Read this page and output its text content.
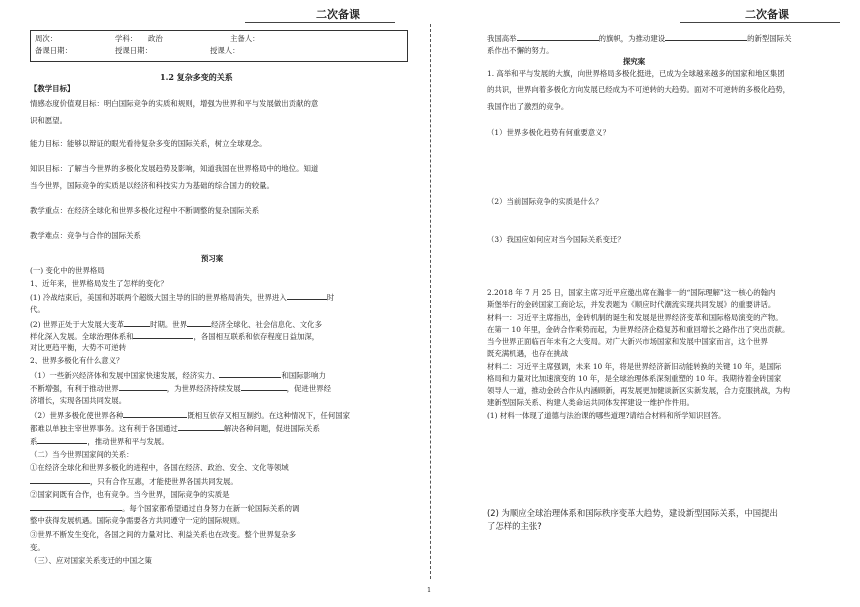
二次备课	二次备课
周次：	学科： 政治	主备人：
备课日期：	授课日期：	授课人：
1.2 复杂多变的关系
【教学目标】
情感态度价值观目标：明白国际竞争的实质和规则，增强为世界和平与发展做出贡献的意
识和愿望。
能力目标：能够以辩证的眼光看待复杂多变的国际关系，树立全球观念。
知识目标：了解当今世界的多极化发展趋势及影响，知道我国在世界格局中的地位。知道
当今世界，国际竞争的实质是以经济和科技实力为基础的综合国力的较量。
教学重点：在经济全球化和世界多极化过程中不断调整的复杂国际关系
教学难点：竞争与合作的国际关系
预习案
(一) 变化中的世界格局
1、近年来，世界格局发生了怎样的变化？
(1) 冷战结束后，美国和苏联两个超级大国主导的旧的世界格局消失，世界进入	时
代。
(2) 世界正处于大发展大变革	时期。世界	经济全球化、社会信息化、文化多
样化深入发展。全球治理体系和	，各国相互联系和依存程度日益加深，
对比更趋平衡，大势不可逆转
2、世界多极化有什么意义？
（1）一些新兴经济体和发展中国家快速发展，经济实力、	和国际影响力
不断增强，有利于推动世界	，为世界经济持续发展	，促进世界经
济增长，实现各国共同发展。
（2）世界多极化使世界各种	既相互依存又相互制约。在这种情况下，任何国家
都难以单独主宰世界事务。这有利于各国通过	解决各种问题，促进国际关系
系	，推动世界和平与发展。
（二）当今世界国家间的关系：
①在经济全球化和世界多极化的进程中，各国在经济、政治、安全、文化等领域
，只有合作互惠，才能使世界各国共同发展。
②国家间既有合作，也有竞争。当今世界，国际竞争的实质是
。每个国家都希望通过自身努力在新一轮国际关系的调
整中获得发展机遇。国际竞争需要各方共同遵守一定的国际规则。
③世界不断发生变化，各国之间的力量对比、利益关系也在改变。整个世界复杂多
变。
（三）、应对国家关系变迁的中国之策
我国高举	的旗帜，为推动建设	的新型国际关
系作出不懈的努力。
探究案
1. 高举和平与发展的大旗，向世界格局多极化挺进，已成为全球越来越多的国家和地区集团
的共识，世界向着多极化方向发展已经成为不可逆转的大趋势。面对不可逆转的多极化趋势，
我国作出了激烈的竞争。
（1）世界多极化趋势有何重要意义？
（2）当前国际竞争的实质是什么？
（3）我国应如何应对当今国际关系变迁？
2.2018 年 7 月 25 日，国家主席习近平应邀出席在瀚非一的“国际理解”这一核心的翰内
斯堡举行的金砖国家工商论坛，并发表题为《顺应时代潮流实现共同发展》的重要讲话。
材料一：习近平主席指出，金砖机制的诞生和发展是世界经济变革和国际格局演变的产物。
在第一 10 年里，金砖合作乘势而起，为世界经济企稳复苏和重回增长之路作出了突出贡献。
当今世界正面临百年未有之大变局。对广大新兴市场国家和发展中国家而言，这个世界
既充满机遇，也存在挑战
材料二：习近平主席强调，未来 10 年，将是世界经济新旧动能转换的关键 10 年，是国际
格局和力量对比加速演变的 10 年，是全球治理体系深刻重塑的 10 年。我期待着金砖国家
领导人一道，推动金砖合作从内涵顾新，再发展更加健谈新区实新发展，合力克服挑战，为构
建新型国际关系、构建人类命运共同体发挥建设一维护作件用。
(1) 材料一体现了道德与法治课的哪些道理?请结合材料和所学知识回答。
(2) 为顺应全球治理体系和国际秩序变革大趋势，建设新型国际关系，中国提出
了怎样的主张?
1
